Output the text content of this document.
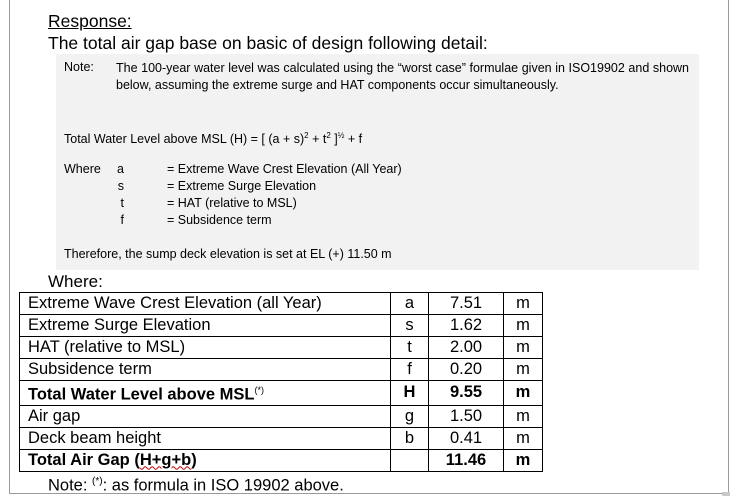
Response:
The total air gap base on basic of design following detail:
Note: The 100-year water level was calculated using the “worst case” formulae given in ISO19902 and shown below, assuming the extreme surge and HAT components occur simultaneously.
Total Water Level above MSL (H) = [ $(a + s)^2 + t^2$ ]$^{\frac{1}{2}}$ + f
Where	a	= Extreme Wave Crest Elevation (All Year)
s	= Extreme Surge Elevation
t	= HAT (relative to MSL)
f	= Subsidence term
Therefore, the sump deck elevation is set at EL (+) 11.50 m
Where:
Extreme Wave Crest Elevation (all Year)	a	7.51	m
Extreme Surge Elevation	s	1.62	m
HAT (relative to MSL)	t	2.00	m
Subsidence term	f	0.20	m
Total Water Level above MSL(*)	H	9.55	m
Air gap	g	1.50	m
Deck beam height	b	0.41	m
Total Air Gap (H+g+b)		11.46	m
Note: (*): as formula in ISO 19902 above.
